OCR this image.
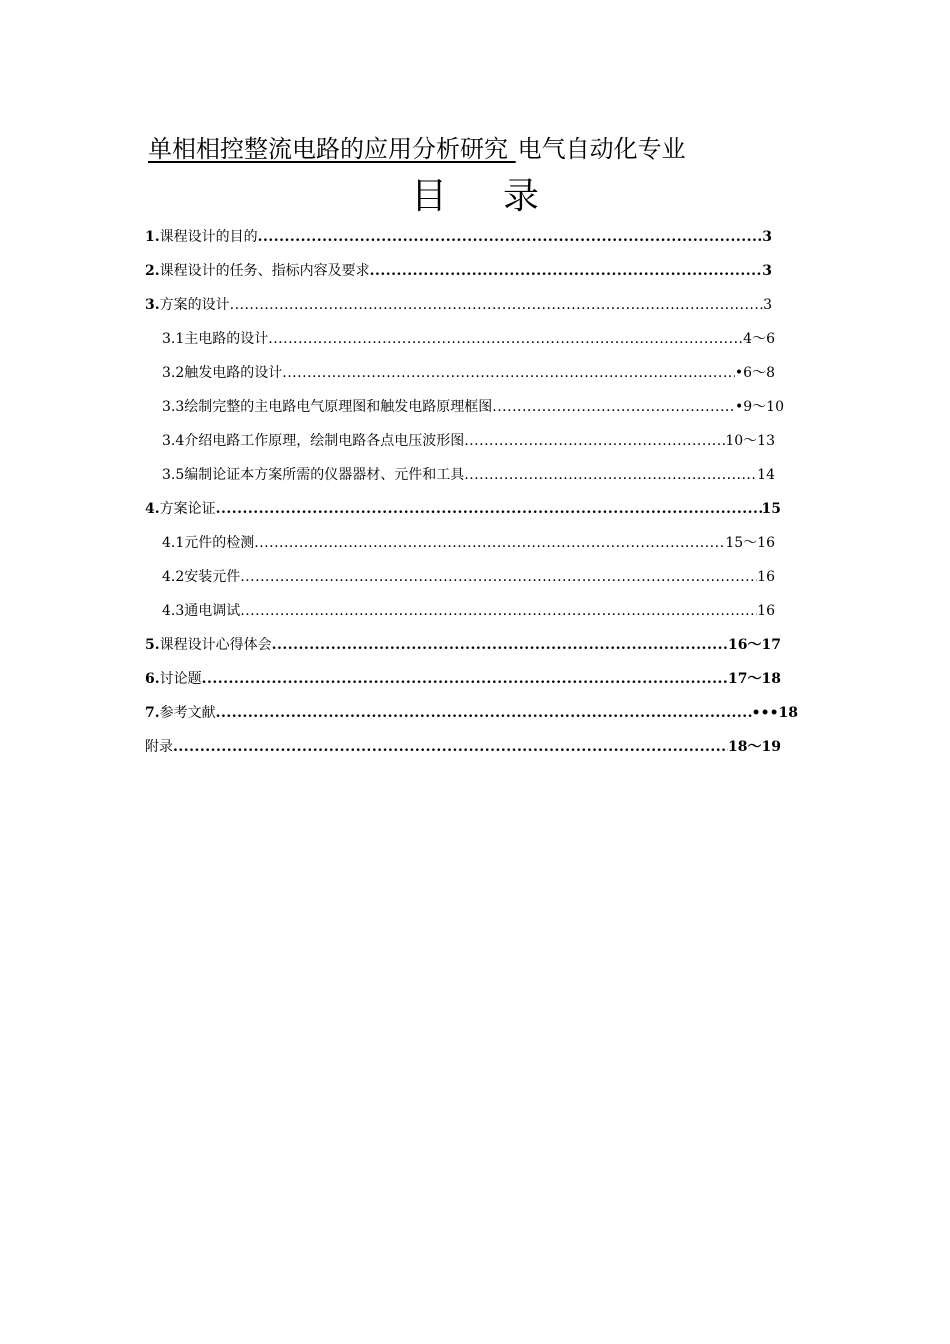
单相相控整流电路的应用分析研究 电气自动化专业
目 录
1.课程设计的目的 .....	3
2.课程设计的任务、指标内容及要求 .....	3
3.方案的设计 .....	3
3.1主电路的设计 .....	4～6
3.2触发电路的设计 .....	•6～8
3.3绘制完整的主电路电气原理图和触发电路原理框图 .....	•9～10
3.4介绍电路工作原理，绘制电路各点电压波形图 .....	10～13
3.5编制论证本方案所需的仪器器材、元件和工具 .....	14
4.方案论证 .....	15
4.1元件的检测 .....	15～16
4.2安装元件 .....	16
4.3通电调试 .....	16
5.课程设计心得体会 .....	16～17
6.讨论题 .....	17～18
7.参考文献 .....	•••18
附录 .....	18～19
